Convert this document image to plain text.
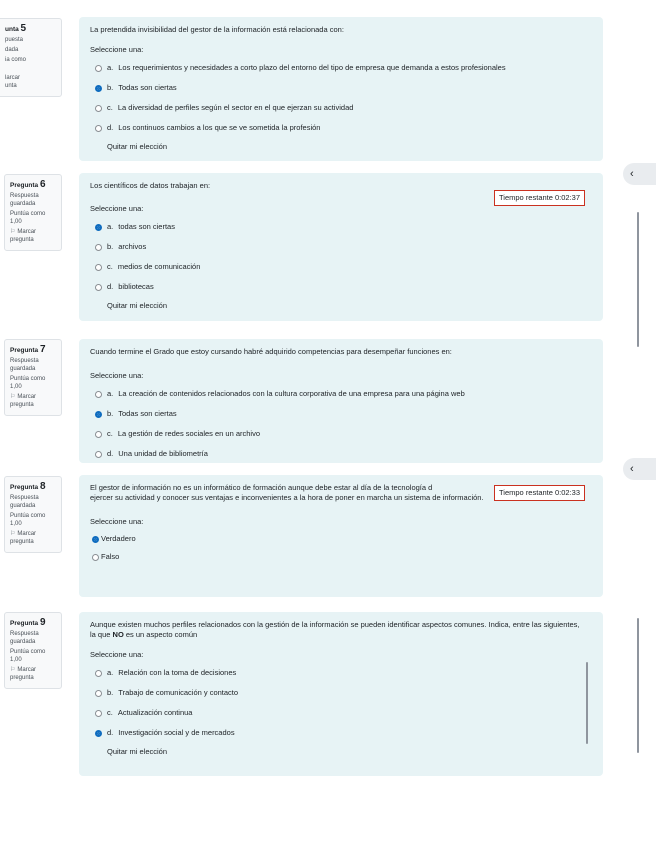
unta 5
puesta
dada
ia como
larcar
unta

La pretendida invisibilidad del gestor de la información está relacionada con:

Seleccione una:

a. Los requerimientos y necesidades a corto plazo del entorno del tipo de empresa que demanda a estos profesionales
b. Todas son ciertas
c. La diversidad de perfiles según el sector en el que ejerzan su actividad
d. Los continuos cambios a los que se ve sometida la profesión
Quitar mi elección
Pregunta 6
Respuesta
guardada
Puntúa como
1,00
⚐ Marcar
pregunta

Los científicos de datos trabajan en:

Seleccione una:

a. todas son ciertas
b. archivos
c. medios de comunicación
d. bibliotecas
Quitar mi elección
Tiempo restante 0:02:37
Pregunta 7
Respuesta
guardada
Puntúa como
1,00
⚐ Marcar
pregunta

Cuando termine el Grado que estoy cursando habré adquirido competencias para desempeñar funciones en:

Seleccione una:

a. La creación de contenidos relacionados con la cultura corporativa de una empresa para una página web
b. Todas son ciertas
c. La gestión de redes sociales en un archivo
d. Una unidad de bibliometría
Pregunta 8
Respuesta
guardada
Puntúa como
1,00
⚐ Marcar
pregunta

El gestor de información no es un informático de formación aunque debe estar al día de la tecnología d
ejercer su actividad y conocer sus ventajas e inconvenientes a la hora de poner en marcha un sistema de información.

Seleccione una:

Verdadero
Falso
Tiempo restante 0:02:33
Pregunta 9
Respuesta
guardada
Puntúa como
1,00
⚐ Marcar
pregunta

Aunque existen muchos perfiles relacionados con la gestión de la información se pueden identificar aspectos comunes. Indica, entre las siguientes, la que NO es un aspecto común

Seleccione una:

a. Relación con la toma de decisiones
b. Trabajo de comunicación y contacto
c. Actualización continua
d. Investigación social y de mercados
Quitar mi elección
‹
‹
